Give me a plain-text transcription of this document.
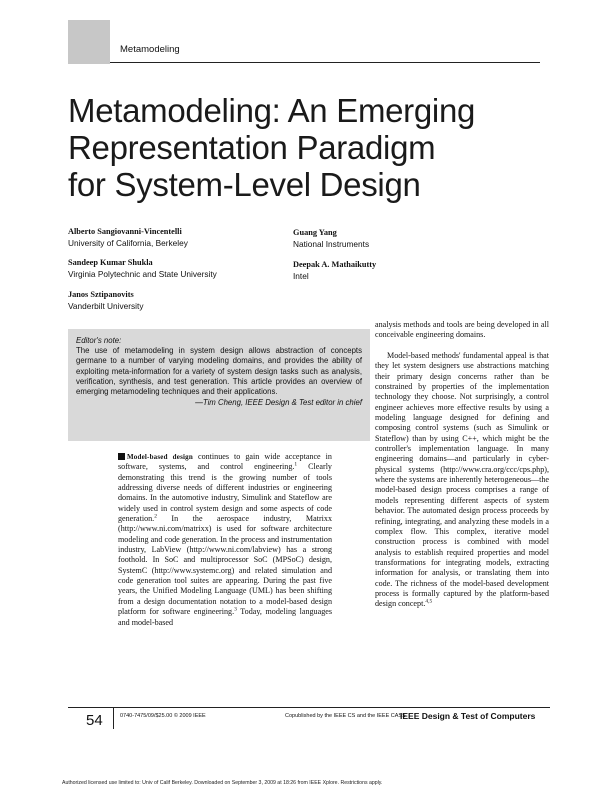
Metamodeling
Metamodeling: An Emerging
Representation Paradigm
for System-Level Design
Alberto Sangiovanni-Vincentelli
University of California, Berkeley
Guang Yang
National Instruments
Sandeep Kumar Shukla
Virginia Polytechnic and State University
Deepak A. Mathaikutty
Intel
Janos Sztipanovits
Vanderbilt University
Editor's note:
The use of metamodeling in system design allows abstraction of concepts germane to a number of varying modeling domains, and provides the ability of exploiting meta-information for a variety of system design tasks such as analysis, verification, synthesis, and test generation. This article provides an overview of emerging metamodeling techniques and their applications.
—Tim Cheng, IEEE Design & Test editor in chief

Model-based design continues to gain wide acceptance in software, systems, and control engineering.$^1$ Clearly demonstrating this trend is the growing number of tools addressing diverse needs of different industries or engineering domains. In the automotive industry, Simulink and Stateflow are widely used in control system design and some aspects of code generation.$^2$ In the aerospace industry, Matrixx (http://www.ni.com/matrixx) is used for software architecture modeling and code generation. In the process and instrumentation industry, LabView (http://www.ni.com/labview) has a strong foothold. In SoC and multiprocessor SoC (MPSoC) design, SystemC (http://www.systemc.org) and related simulation and code generation tool suites are appearing. During the past five years, the Unified Modeling Language (UML) has been shifting from a design documentation notation to a model-based design platform for software engineering.$^3$ Today, modeling languages and model-based

analysis methods and tools are being developed in all conceivable engineering domains.

Model-based methods' fundamental appeal is that they let system designers use abstractions matching their primary design concerns rather than be constrained by properties of the implementation technology they choose. Not surprisingly, a control engineer achieves more effective results by using a modeling language designed for defining and composing control systems (such as Simulink or Stateflow) than by using C++, which might be the controller's implementation language. In many engineering domains—and particularly in cyber-physical systems (http://www.cra.org/ccc/cps.php), where the systems are inherently heterogeneous—the model-based design process comprises a range of models representing different aspects of system behavior. The automated design process proceeds by refining, integrating, and analyzing these models in a complex flow. This complex, iterative model construction process is combined with model analysis to establish required properties and model transformations for integrating models, extracting information for analysis, or translating them into code. The richness of the model-based development process is formally captured by the platform-based design concept.$^{4,5}$

54	0740-7475/09/$25.00 © 2009 IEEE	Copublished by the IEEE CS and the IEEE CASS
IEEE Design & Test of Computers
Authorized licensed use limited to: Univ of Calif Berkeley. Downloaded on September 3, 2009 at 18:26 from IEEE Xplore. Restrictions apply.
